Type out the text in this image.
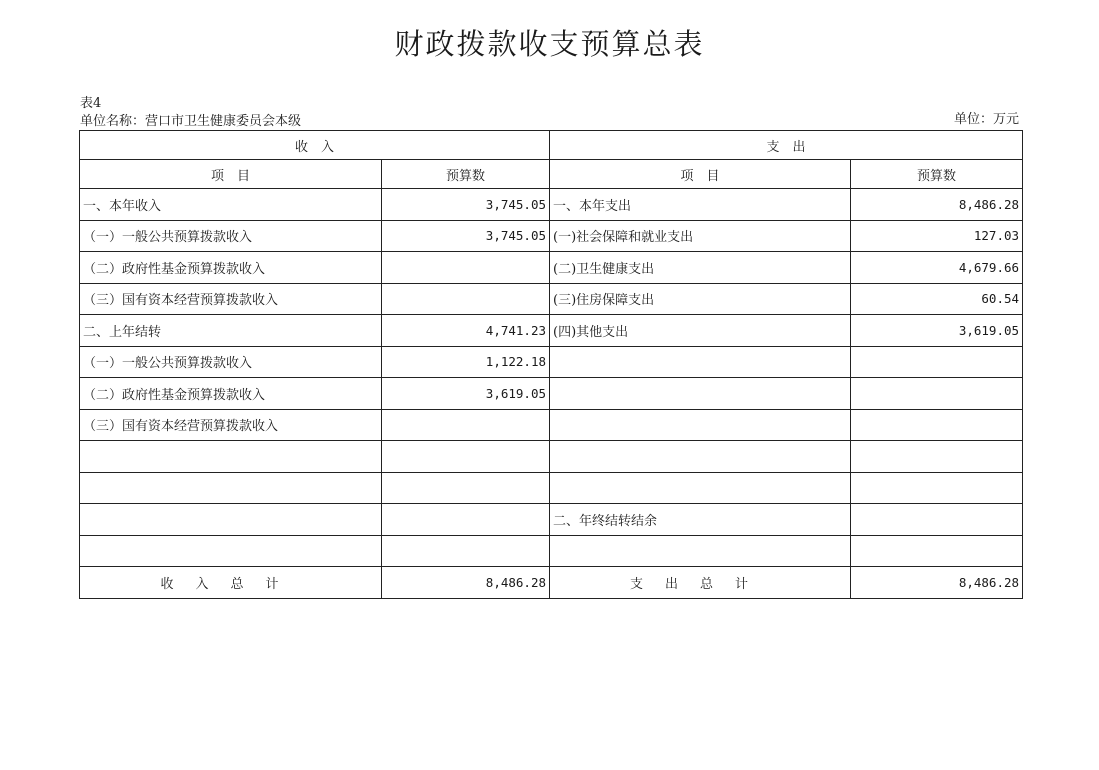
财政拨款收支预算总表
表4
单位名称：营口市卫生健康委员会本级	单位：万元
收　入		支　出	
项　目	预算数	项　目	预算数
一、本年收入	3,745.05	一、本年支出	8,486.28
（一）一般公共预算拨款收入	3,745.05	(一)社会保障和就业支出	127.03
（二）政府性基金预算拨款收入		(二)卫生健康支出	4,679.66
（三）国有资本经营预算拨款收入		(三)住房保障支出	60.54
二、上年结转	4,741.23	(四)其他支出	3,619.05
（一）一般公共预算拨款收入	1,122.18		
（二）政府性基金预算拨款收入	3,619.05		
（三）国有资本经营预算拨款收入			

		二、年终结转结余	

收入总计	8,486.28	支出总计	8,486.28
